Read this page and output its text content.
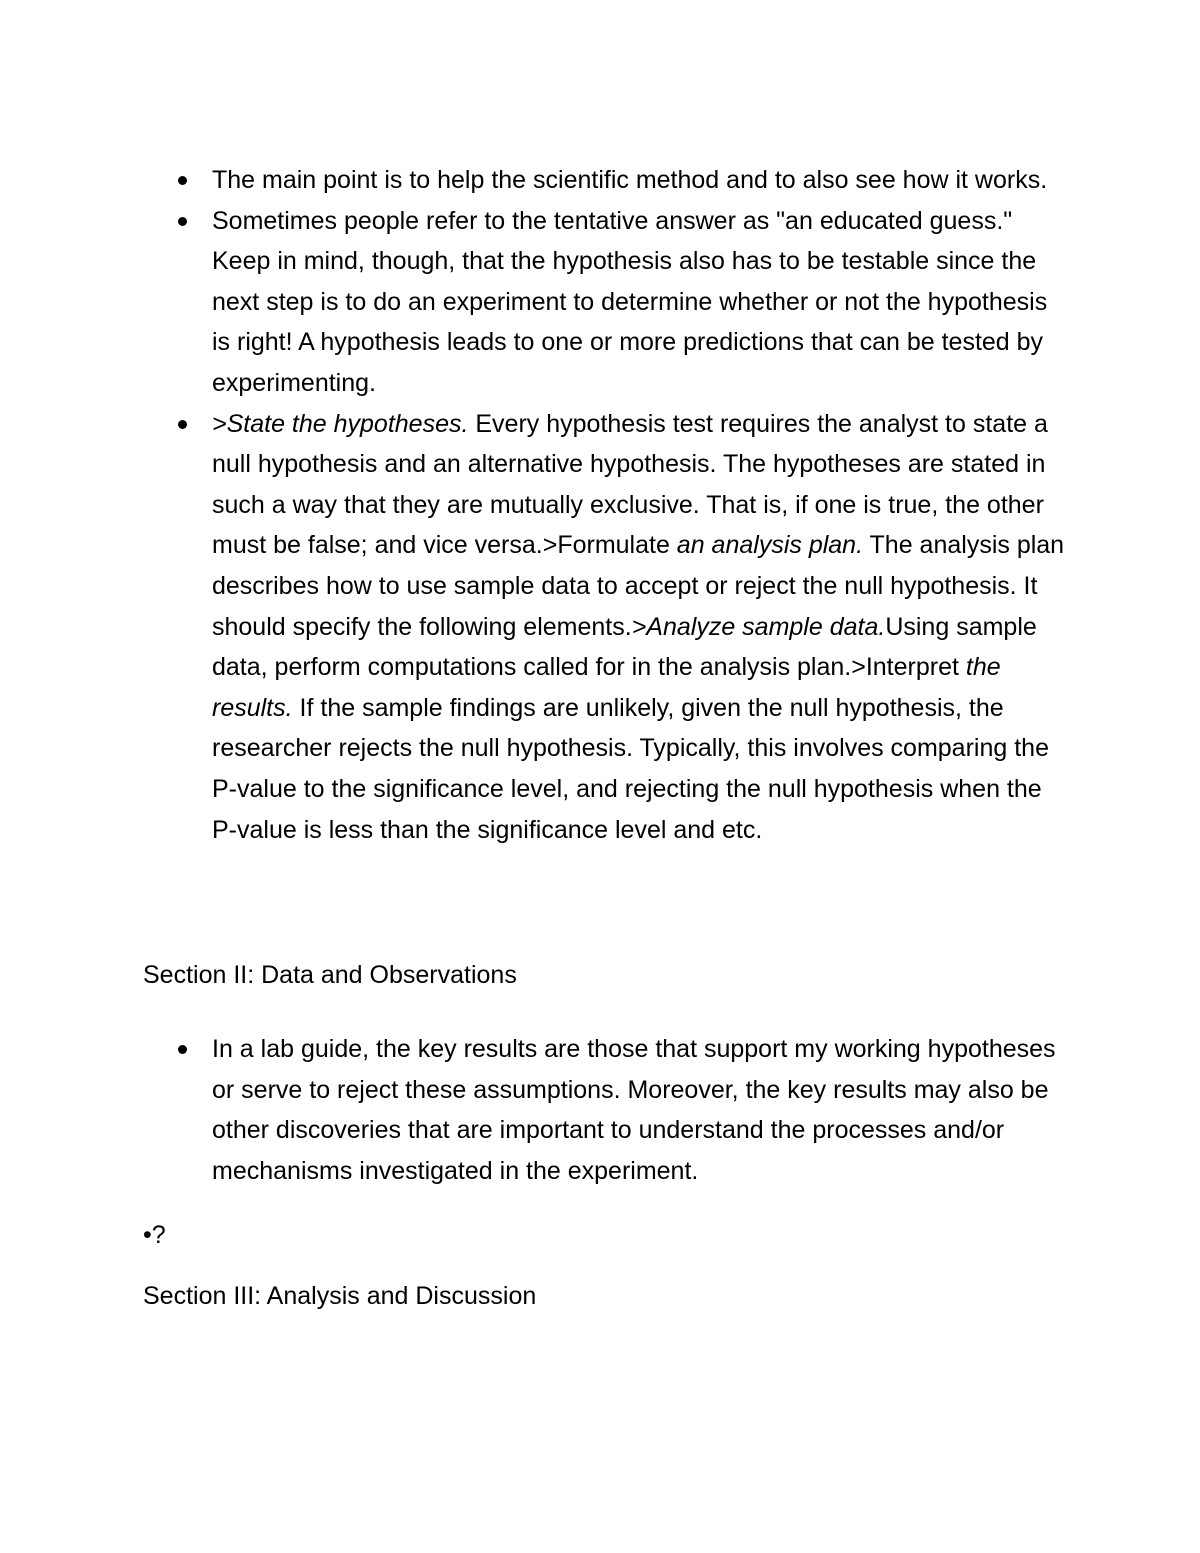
The main point is to help the scientific method and to also see how it works.
Sometimes people refer to the tentative answer as "an educated guess." Keep in mind, though, that the hypothesis also has to be testable since the next step is to do an experiment to determine whether or not the hypothesis is right! A hypothesis leads to one or more predictions that can be tested by experimenting.
>State the hypotheses. Every hypothesis test requires the analyst to state a null hypothesis and an alternative hypothesis. The hypotheses are stated in such a way that they are mutually exclusive. That is, if one is true, the other must be false; and vice versa.>Formulate an analysis plan. The analysis plan describes how to use sample data to accept or reject the null hypothesis. It should specify the following elements.>Analyze sample data.Using sample data, perform computations called for in the analysis plan.>Interpret the results. If the sample findings are unlikely, given the null hypothesis, the researcher rejects the null hypothesis. Typically, this involves comparing the P-value to the significance level, and rejecting the null hypothesis when the P-value is less than the significance level and etc.
Section II: Data and Observations
In a lab guide, the key results are those that support my working hypotheses or serve to reject these assumptions. Moreover, the key results may also be other discoveries that are important to understand the processes and/or mechanisms investigated in the experiment.
•?
Section III: Analysis and Discussion
